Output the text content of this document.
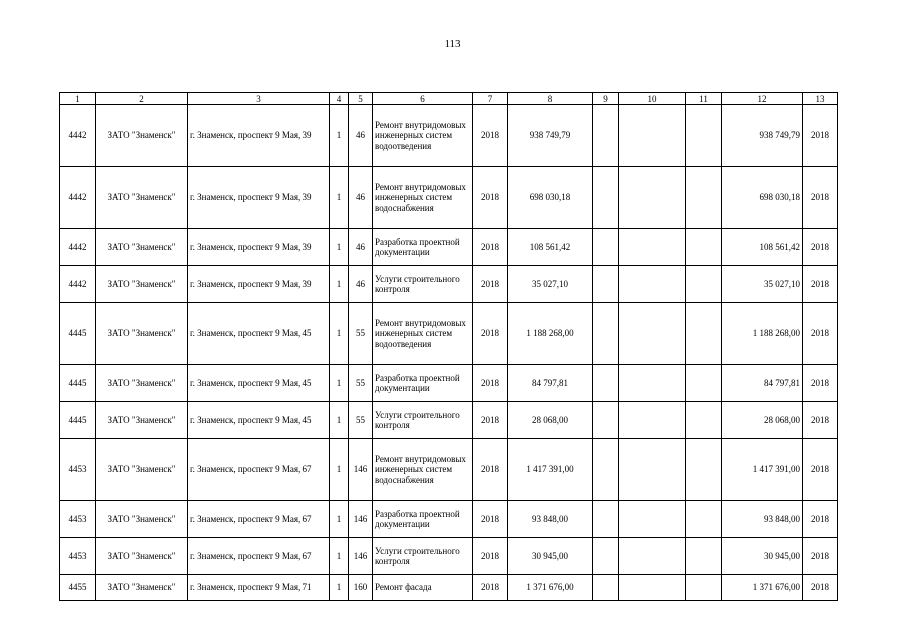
113
1	2	3	4	5	6	7	8	9	10	11	12	13
4442	ЗАТО "Знаменск"	г. Знаменск, проспект 9 Мая, 39	1	46	Ремонт внутридомовых инженерных систем водоотведения	2018	938 749,79				938 749,79	2018
4442	ЗАТО "Знаменск"	г. Знаменск, проспект 9 Мая, 39	1	46	Ремонт внутридомовых инженерных систем водоснабжения	2018	698 030,18				698 030,18	2018
4442	ЗАТО "Знаменск"	г. Знаменск, проспект 9 Мая, 39	1	46	Разработка проектной документации	2018	108 561,42				108 561,42	2018
4442	ЗАТО "Знаменск"	г. Знаменск, проспект 9 Мая, 39	1	46	Услуги строительного контроля	2018	35 027,10				35 027,10	2018
4445	ЗАТО "Знаменск"	г. Знаменск, проспект 9 Мая, 45	1	55	Ремонт внутридомовых инженерных систем водоотведения	2018	1 188 268,00				1 188 268,00	2018
4445	ЗАТО "Знаменск"	г. Знаменск, проспект 9 Мая, 45	1	55	Разработка проектной документации	2018	84 797,81				84 797,81	2018
4445	ЗАТО "Знаменск"	г. Знаменск, проспект 9 Мая, 45	1	55	Услуги строительного контроля	2018	28 068,00				28 068,00	2018
4453	ЗАТО "Знаменск"	г. Знаменск, проспект 9 Мая, 67	1	146	Ремонт внутридомовых инженерных систем водоснабжения	2018	1 417 391,00				1 417 391,00	2018
4453	ЗАТО "Знаменск"	г. Знаменск, проспект 9 Мая, 67	1	146	Разработка проектной документации	2018	93 848,00				93 848,00	2018
4453	ЗАТО "Знаменск"	г. Знаменск, проспект 9 Мая, 67	1	146	Услуги строительного контроля	2018	30 945,00				30 945,00	2018
4455	ЗАТО "Знаменск"	г. Знаменск, проспект 9 Мая, 71	1	160	Ремонт фасада	2018	1 371 676,00				1 371 676,00	2018
